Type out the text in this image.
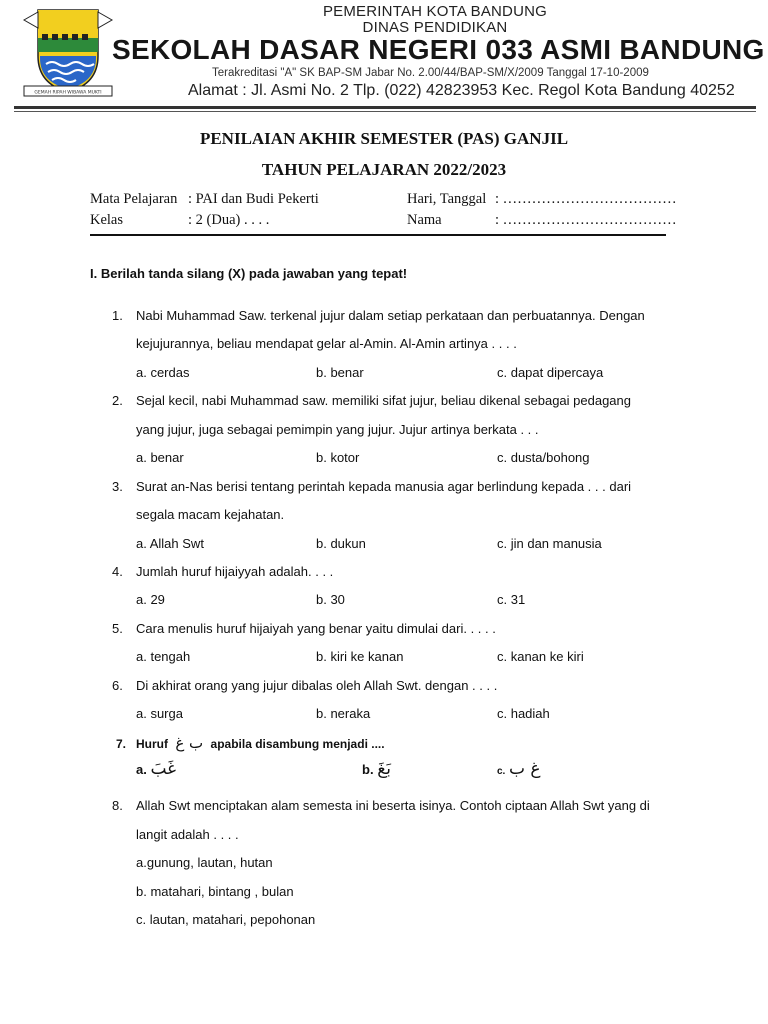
GEMAH RIPAH WIBAWA MUKTI
PEMERINTAH KOTA BANDUNG
DINAS PENDIDIKAN
SEKOLAH DASAR NEGERI 033 ASMI BANDUNG
Terakreditasi "A" SK BAP-SM Jabar No. 2.00/44/BAP-SM/X/2009 Tanggal 17-10-2009
Alamat : Jl. Asmi No. 2 Tlp. (022) 42823953 Kec. Regol Kota Bandung 40252
PENILAIAN AKHIR SEMESTER (PAS) GANJIL
TAHUN PELAJARAN 2022/2023
Mata Pelajaran : PAI dan Budi Pekerti
Kelas	: 2 (Dua) . . . .
Hari, Tanggal : ………………………………
Nama	: ………………………………
I. Berilah tanda silang (X) pada jawaban yang tepat!
1. Nabi Muhammad Saw. terkenal jujur dalam setiap perkataan dan perbuatannya. Dengan
kejujurannya, beliau mendapat gelar al-Amin. Al-Amin artinya . . . .
a. cerdas	b. benar	c. dapat dipercaya
2. Sejal kecil, nabi Muhammad saw. memiliki sifat jujur, beliau dikenal sebagai pedagang
yang jujur, juga sebagai pemimpin yang jujur. Jujur artinya berkata . . .
a. benar	b. kotor	c. dusta/bohong
3. Surat an-Nas berisi tentang perintah kepada manusia agar berlindung kepada . . . dari
segala macam kejahatan.
a. Allah Swt	b. dukun	c. jin dan manusia
4. Jumlah huruf hijaiyyah adalah. . . .
a. 29	b. 30	c. 31
5. Cara menulis huruf hijaiyah yang benar yaitu dimulai dari. . . . .
a. tengah	b. kiri ke kanan	c. kanan ke kiri
6. Di akhirat orang yang jujur dibalas oleh Allah Swt. dengan . . . .
a. surga	b. neraka	c. hadiah
7. Huruf ب غ apabila disambung menjadi ....
a. غَبَ	b. بَغَ	c. غ ب
8. Allah Swt menciptakan alam semesta ini beserta isinya. Contoh ciptaan Allah Swt yang di
langit adalah . . . .
a.gunung, lautan, hutan
b. matahari, bintang , bulan
c. lautan, matahari, pepohonan
